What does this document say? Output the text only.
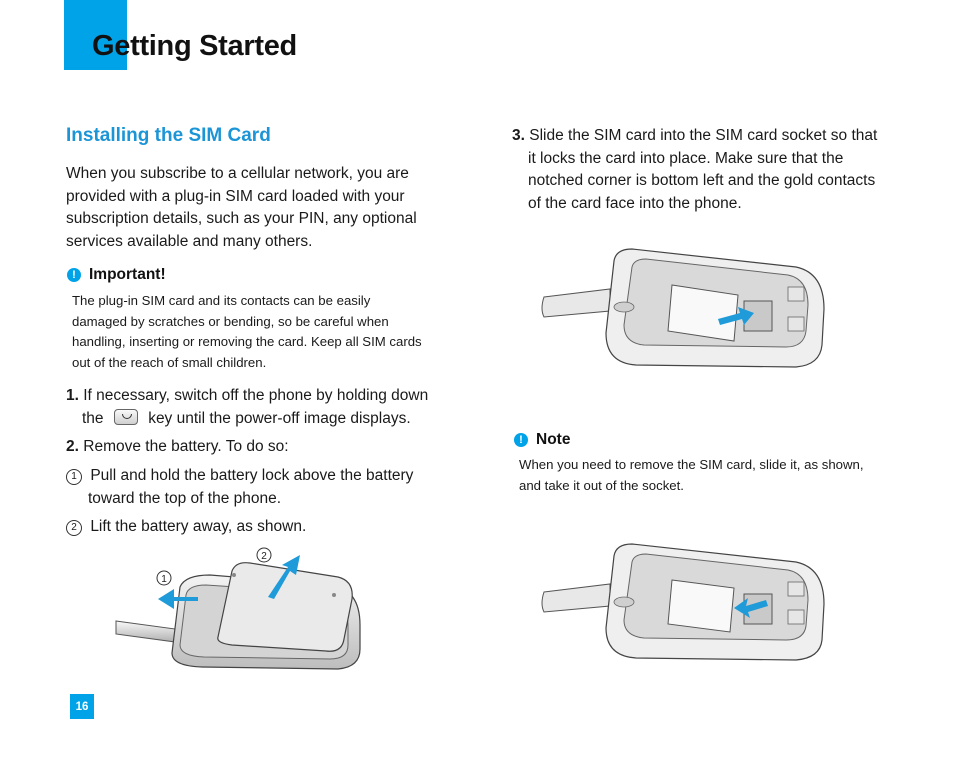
Getting Started
Installing the SIM Card

When you subscribe to a cellular network, you are
provided with a plug-in SIM card loaded with your
subscription details, such as your PIN, any optional
services available and many others.

! Important!

The plug-in SIM card and its contacts can be easily
damaged by scratches or bending, so be careful when
handling, inserting or removing the card. Keep all SIM cards
out of the reach of small children.

1. If necessary, switch off the phone by holding down
the	key until the power-off image displays.

2. Remove the battery. To do so:

1 Pull and hold the battery lock above the battery
toward the top of the phone.

2 Lift the battery away, as shown.

1
2

3. Slide the SIM card into the SIM card socket so that
it locks the card into place. Make sure that the
notched corner is bottom left and the gold contacts
of the card face into the phone.

! Note

When you need to remove the SIM card, slide it, as shown,
and take it out of the socket.

16
